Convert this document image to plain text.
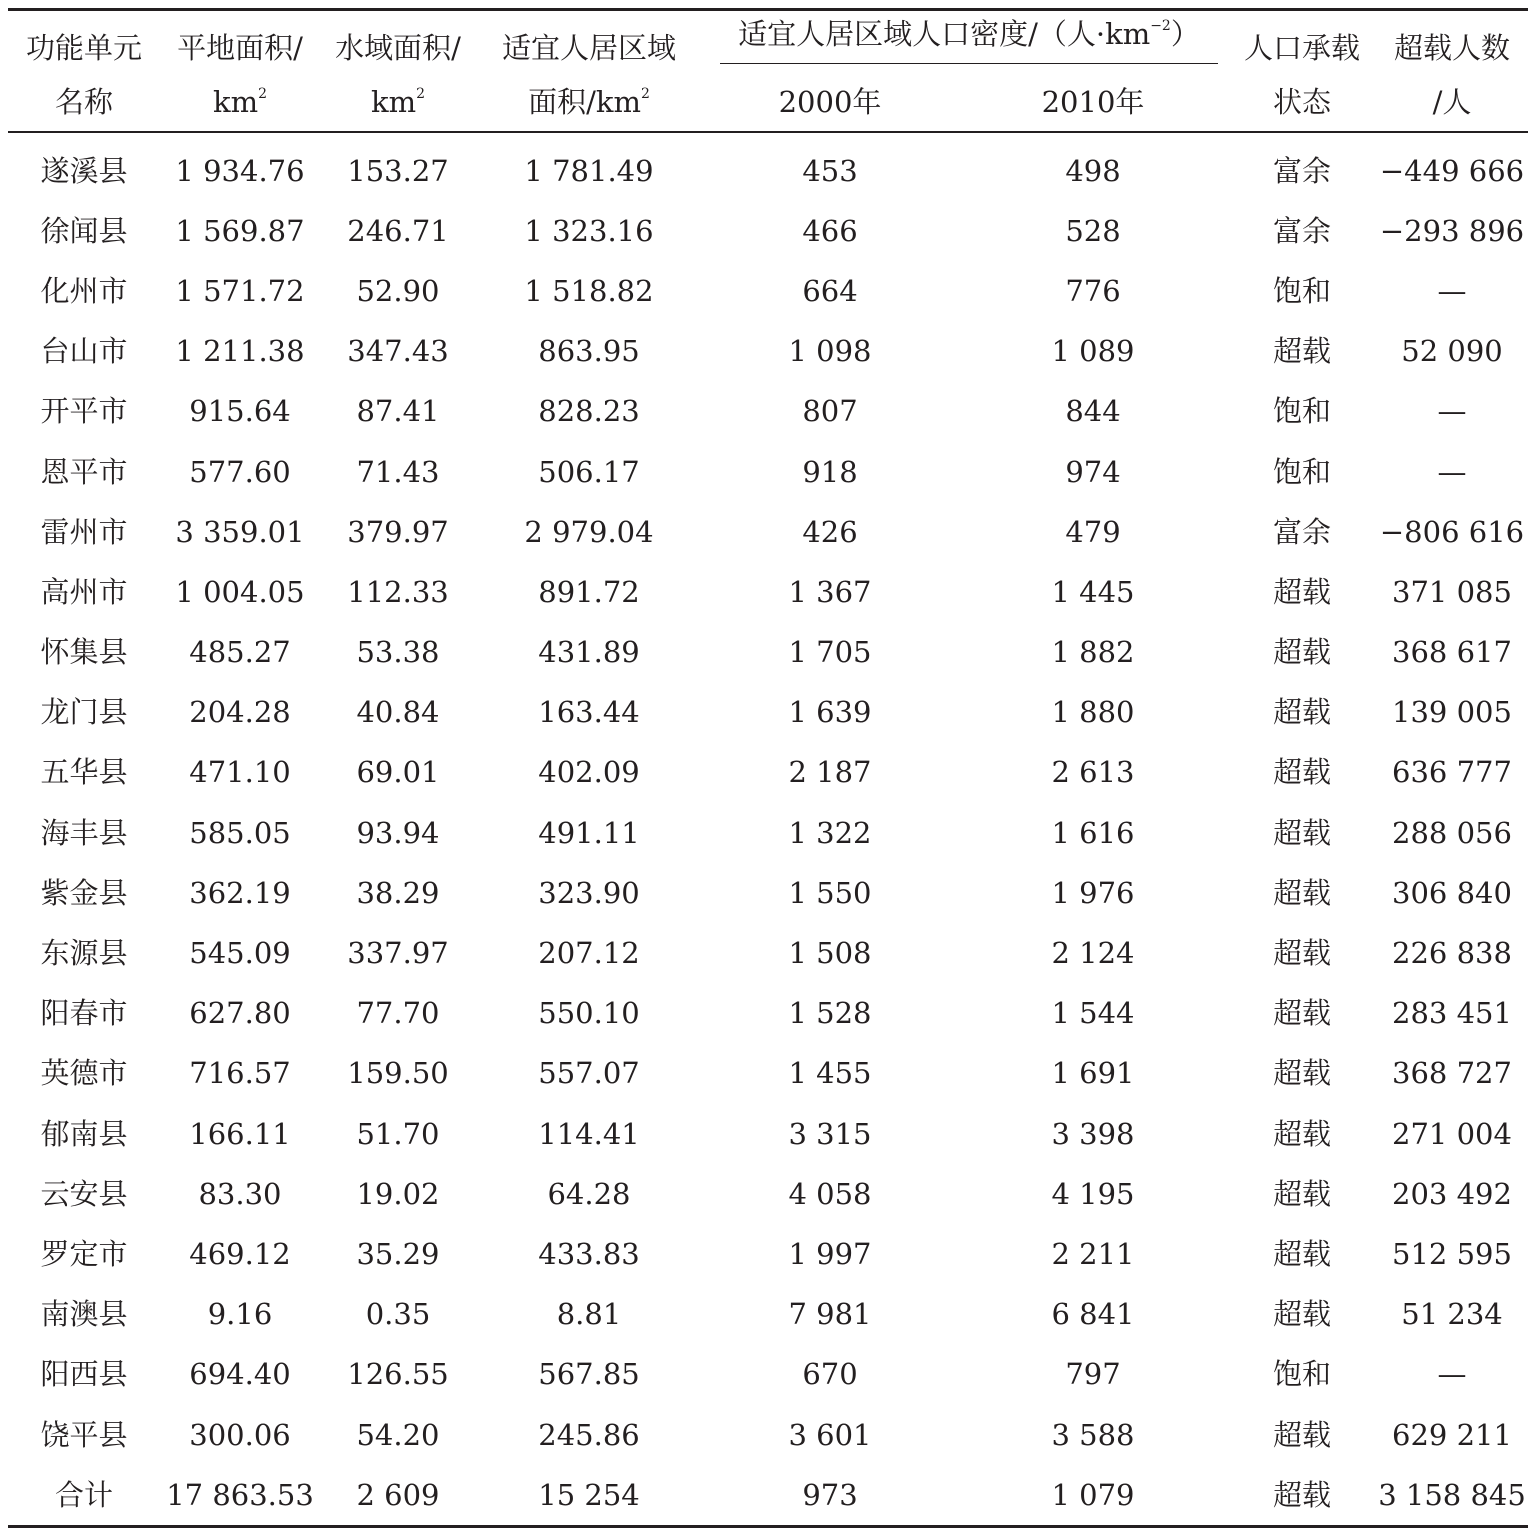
功能单元	平地面积/	水域面积/	适宜人居区域	适宜人居区域人口密度/（人$\cdot km^{-2}$）		人口承载	超载人数

名称	$km^2$	$km^2$	面积$/km^2$	2000年	2010年	状态	/人
遂溪县	1 934.76	153.27	1 781.49	453	498	富余	−449 666
徐闻县	1 569.87	246.71	1 323.16	466	528	富余	−293 896
化州市	1 571.72	52.90	1 518.82	664	776	饱和	—
台山市	1 211.38	347.43	863.95	1 098	1 089	超载	52 090
开平市	915.64	87.41	828.23	807	844	饱和	—
恩平市	577.60	71.43	506.17	918	974	饱和	—
雷州市	3 359.01	379.97	2 979.04	426	479	富余	−806 616
高州市	1 004.05	112.33	891.72	1 367	1 445	超载	371 085
怀集县	485.27	53.38	431.89	1 705	1 882	超载	368 617
龙门县	204.28	40.84	163.44	1 639	1 880	超载	139 005
五华县	471.10	69.01	402.09	2 187	2 613	超载	636 777
海丰县	585.05	93.94	491.11	1 322	1 616	超载	288 056
紫金县	362.19	38.29	323.90	1 550	1 976	超载	306 840
东源县	545.09	337.97	207.12	1 508	2 124	超载	226 838
阳春市	627.80	77.70	550.10	1 528	1 544	超载	283 451
英德市	716.57	159.50	557.07	1 455	1 691	超载	368 727
郁南县	166.11	51.70	114.41	3 315	3 398	超载	271 004
云安县	83.30	19.02	64.28	4 058	4 195	超载	203 492
罗定市	469.12	35.29	433.83	1 997	2 211	超载	512 595
南澳县	9.16	0.35	8.81	7 981	6 841	超载	51 234
阳西县	694.40	126.55	567.85	670	797	饱和	—
饶平县	300.06	54.20	245.86	3 601	3 588	超载	629 211
合计	17 863.53	2 609	15 254	973	1 079	超载	3 158 845
